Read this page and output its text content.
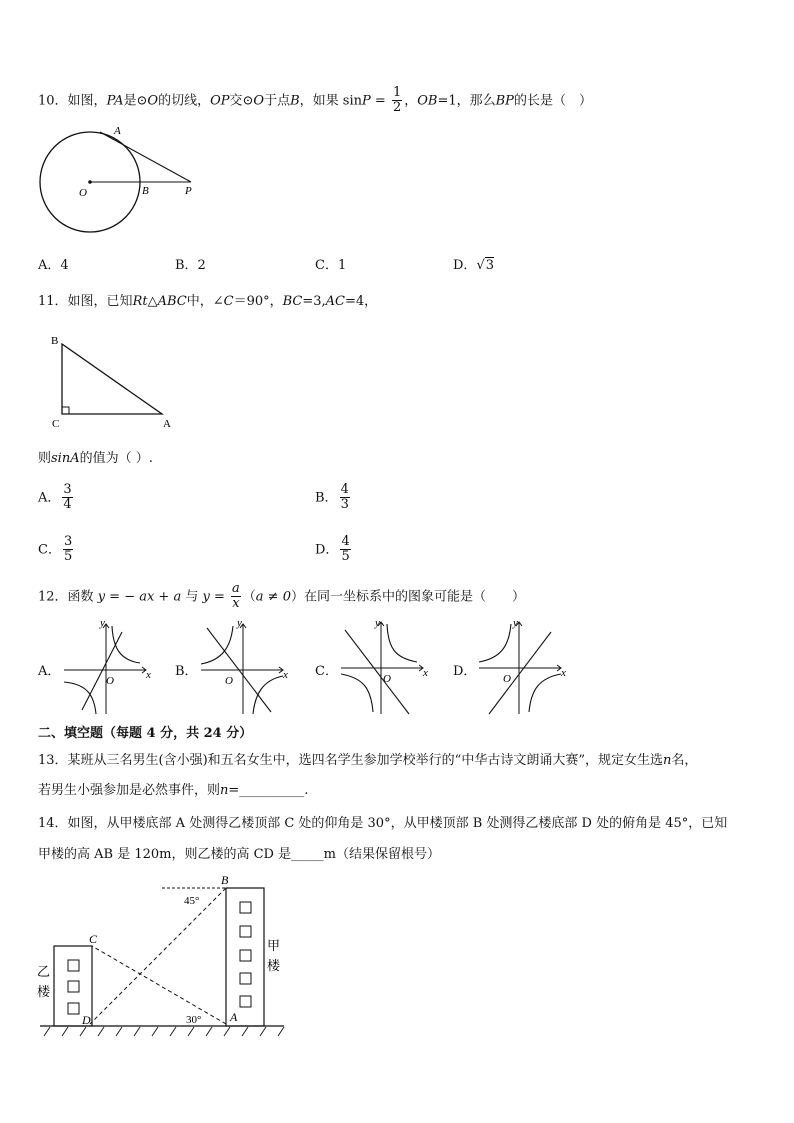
10．如图，PA是⊙O的切线，OP交⊙O于点B，如果 $\sin P = \frac{1}{2}$ ，OB=1，那么BP的长是（　）
A
O	B	P
A．4	B．2	C．1	D．√3
11．如图，已知Rt△ABC中，∠C＝90°，BC=3,AC=4，
B
C	A
则sinA的值为（ ）.
A． $\frac{3}{4}$	B． $\frac{4}{3}$
C． $\frac{3}{5}$	D． $\frac{4}{5}$
12．函数 y = − ax + a 与 $y = \frac{a}{x} (a \ne 0)$在同一坐标系中的图象可能是（　　）
A．	x
y
O
B．	x
y
O
C．	x
y
O	D．	x
y
O
二、填空题（每题 4 分，共 24 分）
13．某班从三名男生(含小强)和五名女生中，选四名学生参加学校举行的“中华古诗文朗诵大赛”，规定女生选n名，
若男生小强参加是必然事件，则n=__________.
14．如图，从甲楼底部 A 处测得乙楼顶部 C 处的仰角是 30°，从甲楼顶部 B 处测得乙楼底部 D 处的俯角是 45°，已知
甲楼的高 AB 是 120m，则乙楼的高 CD 是_____m（结果保留根号）
B
C
D	A
45°
30°
乙
楼
甲
楼
